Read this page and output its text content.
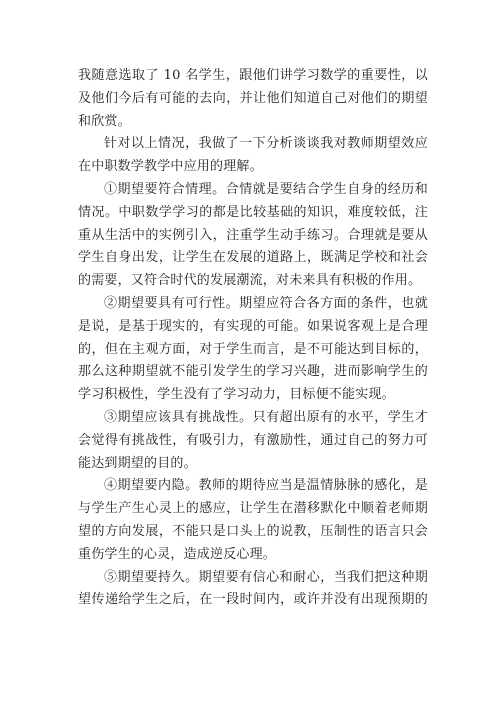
我随意选取了 10 名学生，跟他们讲学习数学的重要性，以
及他们今后有可能的去向，并让他们知道自己对他们的期望
和欣赏。
针对以上情况，我做了一下分析谈谈我对教师期望效应
在中职数学教学中应用的理解。
①期望要符合情理。合情就是要结合学生自身的经历和
情况。中职数学学习的都是比较基础的知识，难度较低，注
重从生活中的实例引入，注重学生动手练习。合理就是要从
学生自身出发，让学生在发展的道路上，既满足学校和社会
的需要，又符合时代的发展潮流，对未来具有积极的作用。
②期望要具有可行性。期望应符合各方面的条件，也就
是说，是基于现实的，有实现的可能。如果说客观上是合理
的，但在主观方面，对于学生而言，是不可能达到目标的，
那么这种期望就不能引发学生的学习兴趣，进而影响学生的
学习积极性，学生没有了学习动力，目标便不能实现。
③期望应该具有挑战性。只有超出原有的水平，学生才
会觉得有挑战性，有吸引力，有激励性，通过自己的努力可
能达到期望的目的。
④期望要内隐。教师的期待应当是温情脉脉的感化，是
与学生产生心灵上的感应，让学生在潜移默化中顺着老师期
望的方向发展，不能只是口头上的说教，压制性的语言只会
重伤学生的心灵，造成逆反心理。
⑤期望要持久。期望要有信心和耐心，当我们把这种期
望传递给学生之后，在一段时间内，或许并没有出现预期的
